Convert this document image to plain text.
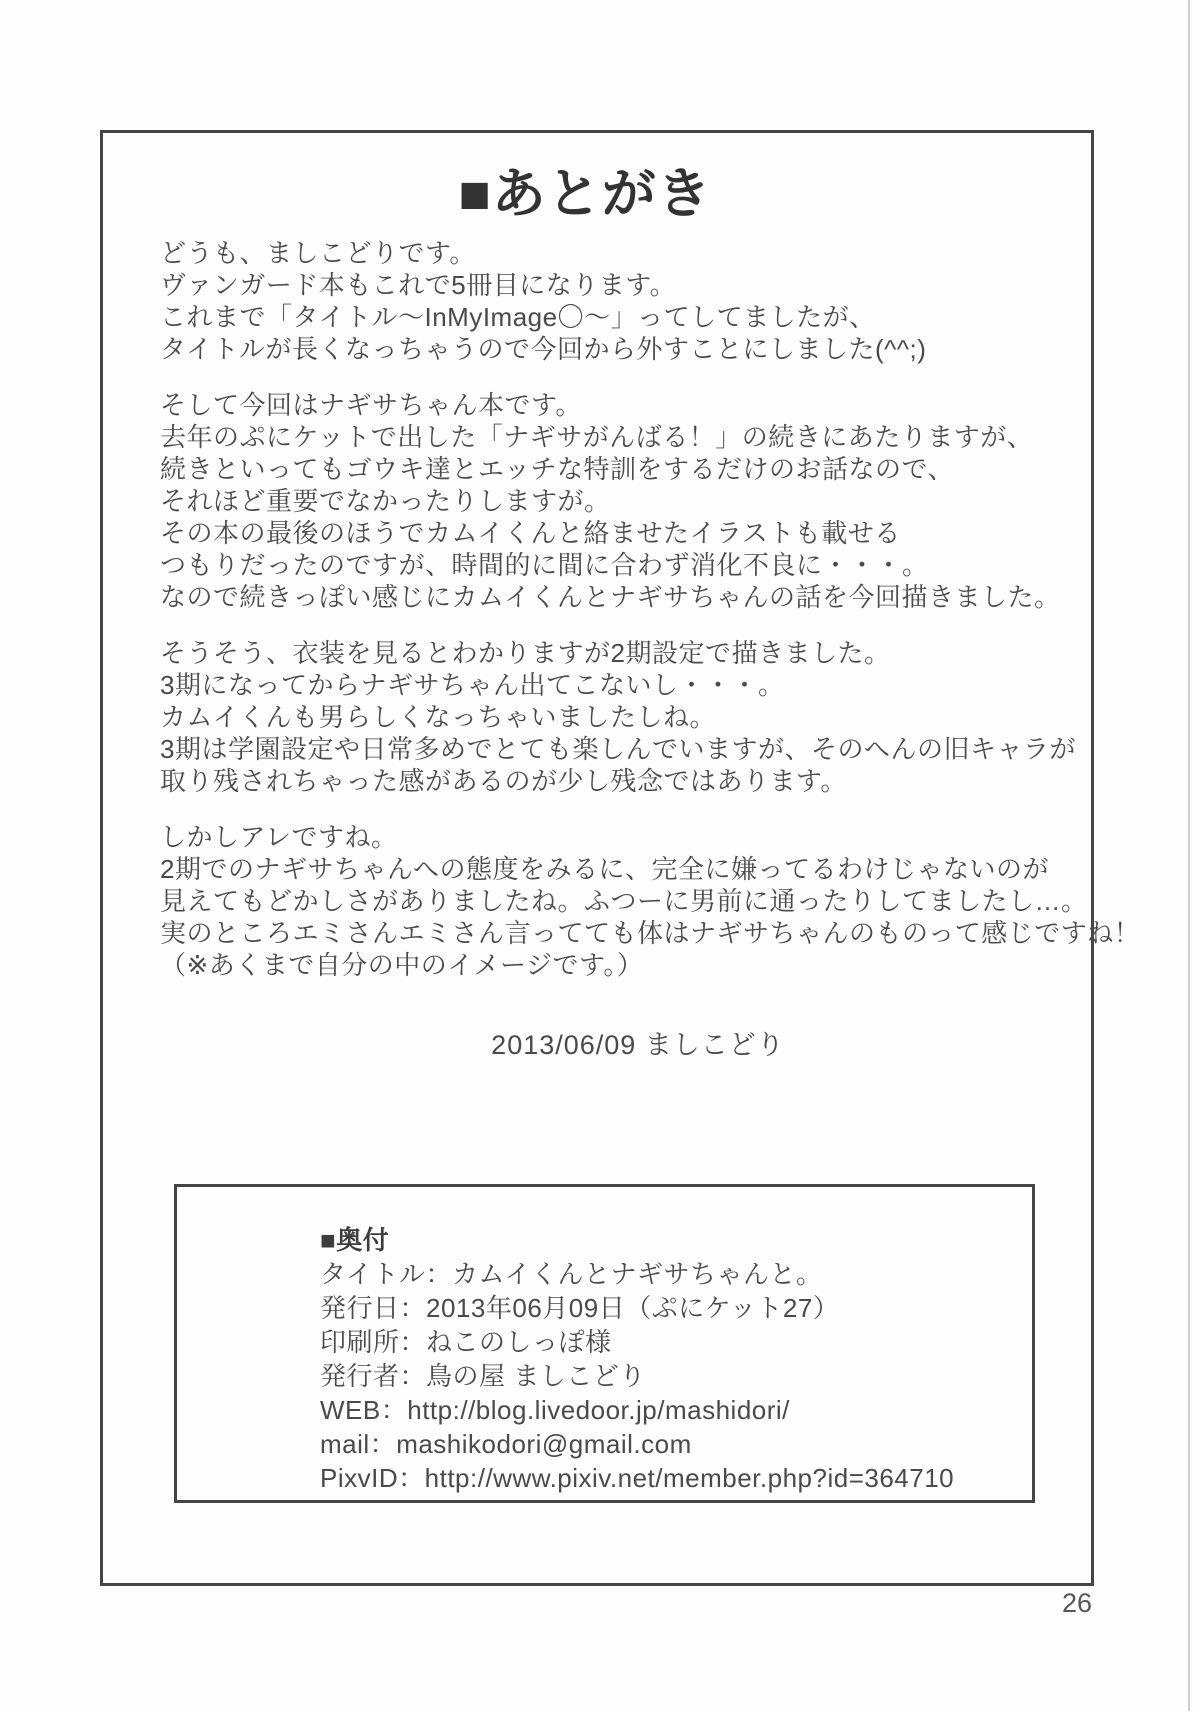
■あとがき
どうも、ましこどりです。
ヴァンガード本もこれで5冊目になります。
これまで「タイトル～InMyImage〇～」ってしてましたが、
タイトルが長くなっちゃうので今回から外すことにしました(^^;)
そして今回はナギサちゃん本です。
去年のぷにケットで出した「ナギサがんばる！」の続きにあたりますが、
続きといってもゴウキ達とエッチな特訓をするだけのお話なので、
それほど重要でなかったりしますが。
その本の最後のほうでカムイくんと絡ませたイラストも載せる
つもりだったのですが、時間的に間に合わず消化不良に・・・。
なので続きっぽい感じにカムイくんとナギサちゃんの話を今回描きました。
そうそう、衣装を見るとわかりますが2期設定で描きました。
3期になってからナギサちゃん出てこないし・・・。
カムイくんも男らしくなっちゃいましたしね。
3期は学園設定や日常多めでとても楽しんでいますが、そのへんの旧キャラが
取り残されちゃった感があるのが少し残念ではあります。
しかしアレですね。
2期でのナギサちゃんへの態度をみるに、完全に嫌ってるわけじゃないのが
見えてもどかしさがありましたね。ふつーに男前に通ったりしてましたし…。
実のところエミさんエミさん言ってても体はナギサちゃんのものって感じですね！
（※あくまで自分の中のイメージです。）
2013/06/09 ましこどり
■奥付
タイトル：カムイくんとナギサちゃんと。
発行日：2013年06月09日（ぷにケット27）
印刷所：ねこのしっぽ様
発行者：鳥の屋 ましこどり
WEB：http://blog.livedoor.jp/mashidori/
mail：mashikodori@gmail.com
PixvID：http://www.pixiv.net/member.php?id=364710
26
